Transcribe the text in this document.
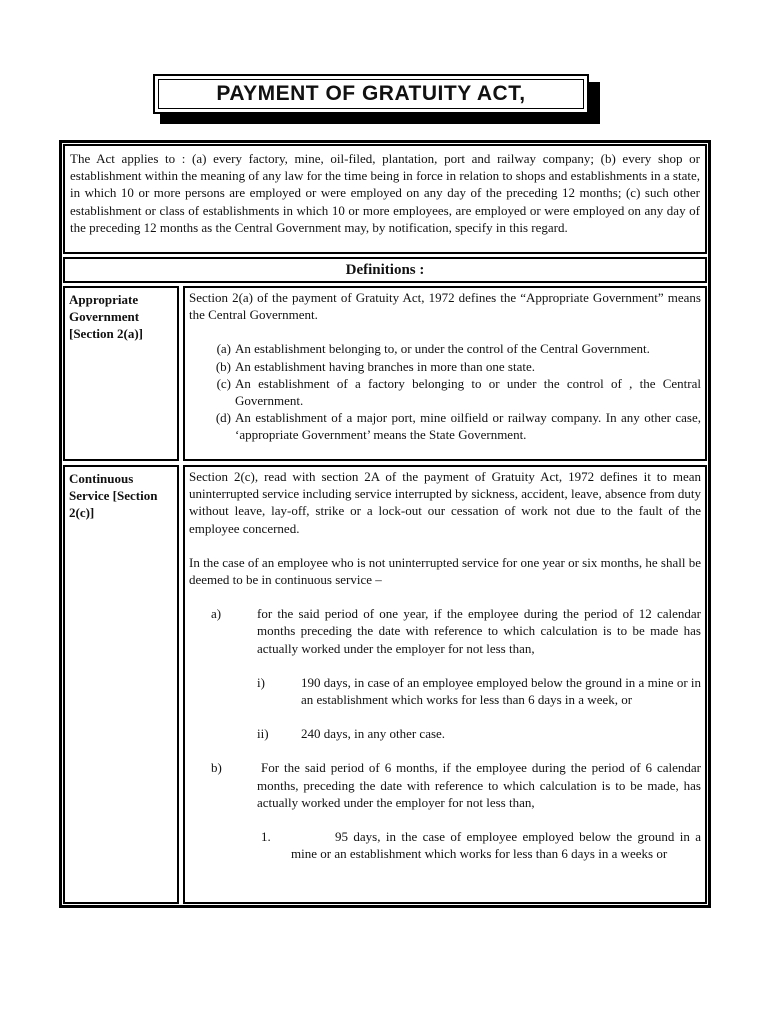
PAYMENT OF GRATUITY ACT,
The Act applies to : (a) every factory, mine, oil-filed, plantation, port and railway company; (b) every shop or establishment within the meaning of any law for the time being in force in relation to shops and establishments in a state, in which 10 or more persons are employed or were employed on any day of the preceding 12 months; (c) such other establishment or class of establishments in which 10 or more employees, are employed or were employed on any day of the preceding 12 months as the Central Government may, by notification, specify in this regard.
Definitions :
Appropriate Government [Section 2(a)]

Section 2(a) of the payment of Gratuity Act, 1972 defines the “Appropriate Government” means the Central Government.

(a) An establishment belonging to, or under the control of the Central Government.
(b) An establishment having branches in more than one state.
(c) An establishment of a factory belonging to or under the control of , the Central Government.
(d) An establishment of a major port, mine oilfield or railway company. In any other case, ‘appropriate Government’ means the State Government.
Continuous Service [Section 2(c)]

Section 2(c), read with section 2A of the payment of Gratuity Act, 1972 defines it to mean uninterrupted service including service interrupted by sickness, accident, leave, absence from duty without leave, lay-off, strike or a lock-out our cessation of work not due to the fault of the employee concerned.

In the case of an employee who is not uninterrupted service for one year or six months, he shall be deemed to be in continuous service –

a)	for the said period of one year, if the employee during the period of 12 calendar months preceding the date with reference to which calculation is to be made has actually worked under the employer for not less than,
i)	190 days, in case of an employee employed below the ground in a mine or in an establishment which works for less than 6 days in a week, or
ii)	240 days, in any other case.
b)	For the said period of 6 months, if the employee during the period of 6 calendar months, preceding the date with reference to which calculation is to be made, has actually worked under the employer for not less than,
1.	95 days, in the case of employee employed below the ground in a mine or an establishment which works for less than 6 days in a weeks or
